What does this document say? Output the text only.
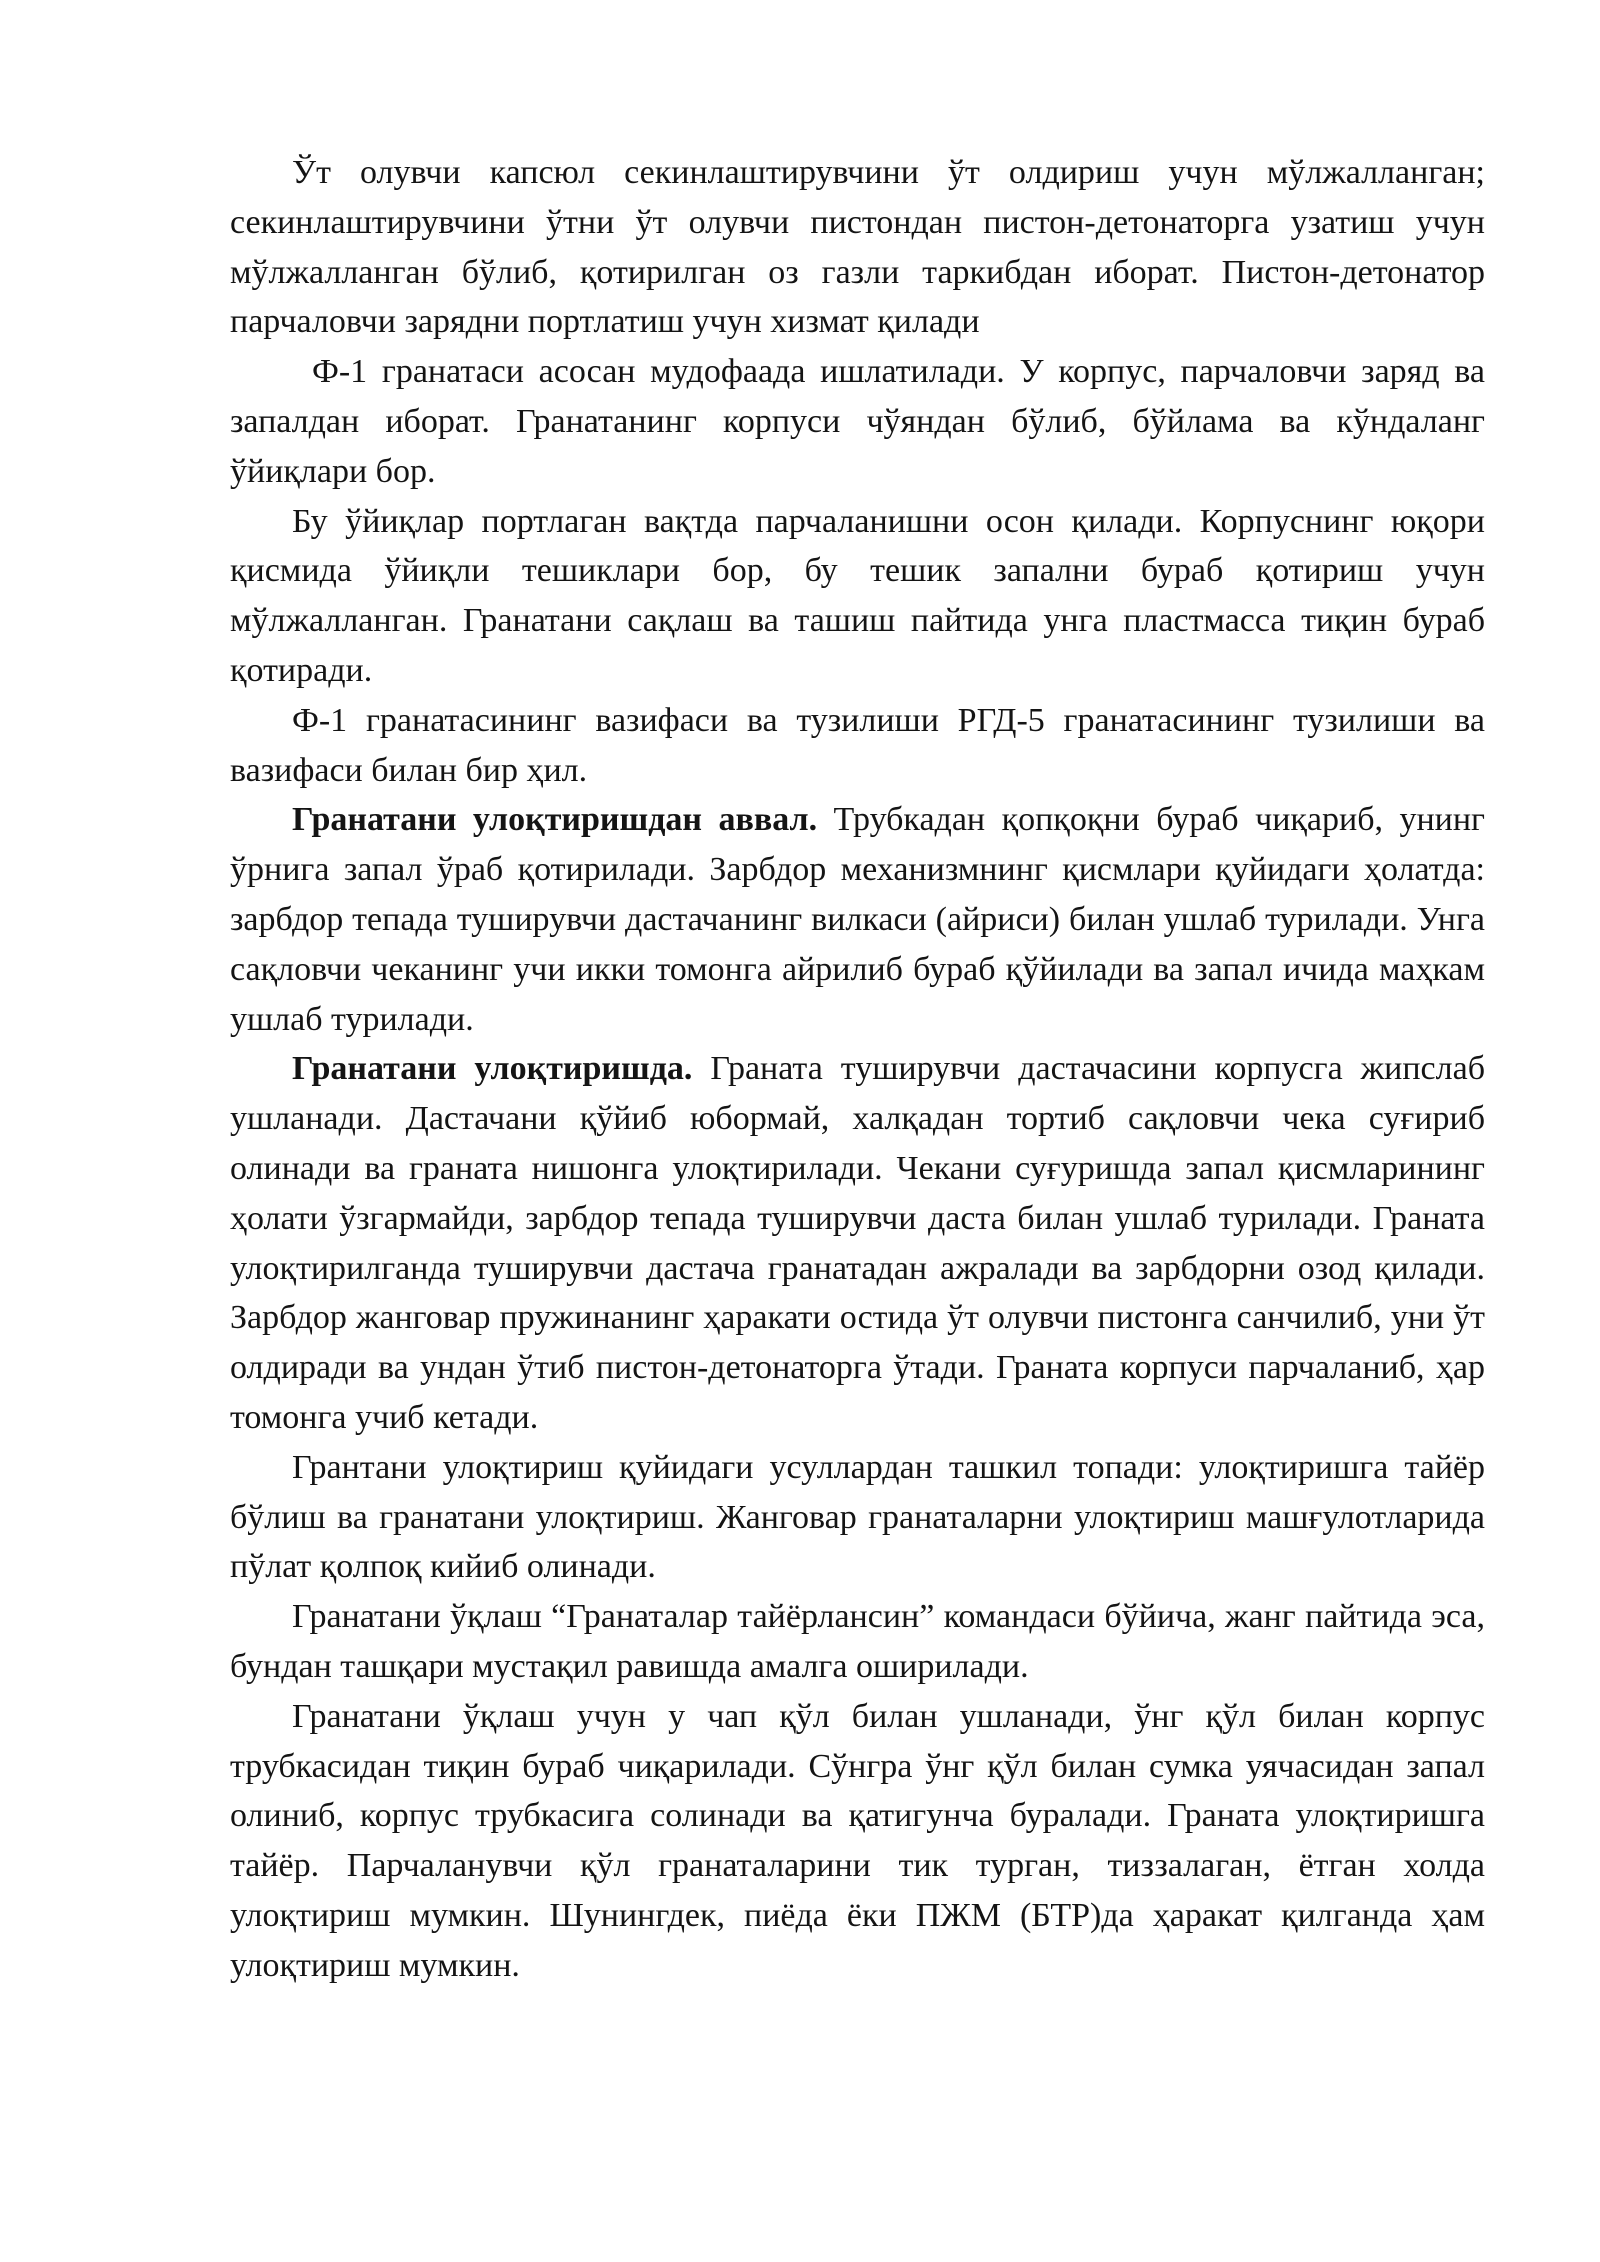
Ўт олувчи капсюл секинлаштирувчини ўт олдириш учун мўлжалланган; секинлаштирувчини ўтни ўт олувчи пистондан пистон-детонаторга узатиш учун мўлжалланган бўлиб, қотирилган оз газли таркибдан иборат. Пистон-детонатор парчаловчи зарядни портлатиш учун хизмат қилади

Ф-1 гранатаси асосан мудофаада ишлатилади. У корпус, парчаловчи заряд ва запалдан иборат. Гранатанинг корпуси чўяндан бўлиб, бўйлама ва кўндаланг ўйиқлари бор.

Бу ўйиқлар портлаган вақтда парчаланишни осон қилади. Корпуснинг юқори қисмида ўйиқли тешиклари бор, бу тешик запални бураб қотириш учун мўлжалланган. Гранатани сақлаш ва ташиш пайтида унга пластмасса тиқин бураб қотиради.

Ф-1 гранатасининг вазифаси ва тузилиши РГД-5 гранатасининг тузилиши ва вазифаси билан бир ҳил.

Гранатани улоқтиришдан аввал. Трубкадан қопқоқни бураб чиқариб, унинг ўрнига запал ўраб қотирилади. Зарбдор механизмнинг қисмлари қуйидаги ҳолатда: зарбдор тепада туширувчи дастачанинг вилкаси (айриси) билан ушлаб турилади. Унга сақловчи чеканинг учи икки томонга айрилиб бураб қўйилади ва запал ичида маҳкам ушлаб турилади.

Гранатани улоқтиришда. Граната туширувчи дастачасини корпусга жипслаб ушланади. Дастачани қўйиб юбормай, халқадан тортиб сақловчи чека суғириб олинади ва граната нишонга улоқтирилади. Чекани суғуришда запал қисмларининг ҳолати ўзгармайди, зарбдор тепада туширувчи даста билан ушлаб турилади. Граната улоқтирилганда туширувчи дастача гранатадан ажралади ва зарбдорни озод қилади. Зарбдор жанговар пружинанинг ҳаракати остида ўт олувчи пистонга санчилиб, уни ўт олдиради ва ундан ўтиб пистон-детонаторга ўтади. Граната корпуси парчаланиб, ҳар томонга учиб кетади.

Грантани улоқтириш қуйидаги усуллардан ташкил топади: улоқтиришга тайёр бўлиш ва гранатани улоқтириш. Жанговар гранаталарни улоқтириш машғулотларида пўлат қолпоқ кийиб олинади.

Гранатани ўқлаш “Гранаталар тайёрлансин” командаси бўйича, жанг пайтида эса, бундан ташқари мустақил равишда амалга оширилади.

Гранатани ўқлаш учун у чап қўл билан ушланади, ўнг қўл билан корпус трубкасидан тиқин бураб чиқарилади. Сўнгра ўнг қўл билан сумка уячасидан запал олиниб, корпус трубкасига солинади ва қатигунча буралади. Граната улоқтиришга тайёр. Парчаланувчи қўл гранаталарини тик турган, тиззалаган, ётган холда улоқтириш мумкин. Шунингдек, пиёда ёки ПЖМ (БТР)да ҳаракат қилганда ҳам улоқтириш мумкин.
